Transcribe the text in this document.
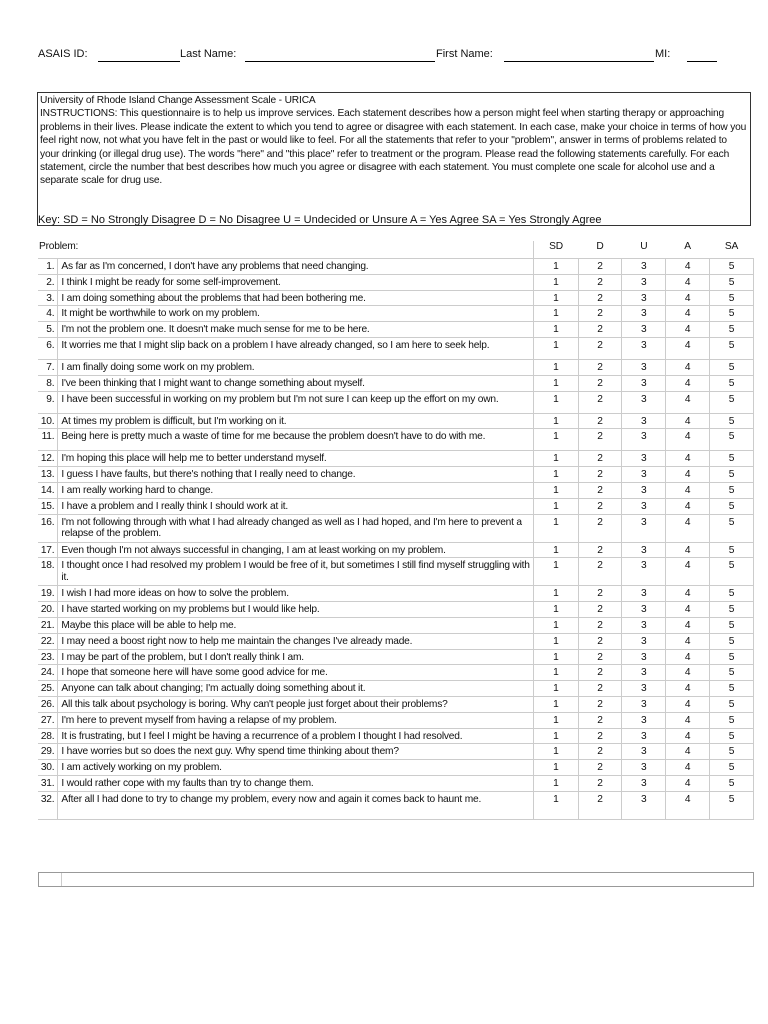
ASAIS ID:	Last Name:	First Name:	MI:

University of Rhode Island Change Assessment Scale - URICA

INSTRUCTIONS: This questionnaire is to help us improve services. Each statement describes how a person might feel when starting therapy or approaching problems in their lives. Please indicate the extent to which you tend to agree or disagree with each statement. In each case, make your choice in terms of how you feel right now, not what you have felt in the past or would like to feel. For all the statements that refer to your "problem", answer in terms of problems related to your drinking (or illegal drug use). The words "here" and "this place" refer to treatment or the program. Please read the following statements carefully. For each statement, circle the number that best describes how much you agree or disagree with each statement. You must complete one scale for alcohol use and a separate scale for drug use.

Key: SD = No Strongly Disagree D = No Disagree U = Undecided or Unsure A = Yes Agree SA = Yes Strongly Agree
Problem:		SD	D	U	A	SA
1.	As far as I'm concerned, I don't have any problems that need changing.	1	2	3	4	5
2.	I think I might be ready for some self-improvement.	1	2	3	4	5
3.	I am doing something about the problems that had been bothering me.	1	2	3	4	5
4.	It might be worthwhile to work on my problem.	1	2	3	4	5
5.	I'm not the problem one. It doesn't make much sense for me to be here.	1	2	3	4	5
6.	It worries me that I might slip back on a problem I have already changed, so I am here to seek help.	1	2	3	4	5
7.	I am finally doing some work on my problem.	1	2	3	4	5
8.	I've been thinking that I might want to change something about myself.	1	2	3	4	5
9.	I have been successful in working on my problem but I'm not sure I can keep up the effort on my own.	1	2	3	4	5
10.	At times my problem is difficult, but I'm working on it.	1	2	3	4	5
11.	Being here is pretty much a waste of time for me because the problem doesn't have to do with me.	1	2	3	4	5
12.	I'm hoping this place will help me to better understand myself.	1	2	3	4	5
13.	I guess I have faults, but there's nothing that I really need to change.	1	2	3	4	5
14.	I am really working hard to change.	1	2	3	4	5
15.	I have a problem and I really think I should work at it.	1	2	3	4	5
16.	I'm not following through with what I had already changed as well as I had hoped, and I'm here to prevent a relapse of the problem.	1	2	3	4	5
17.	Even though I'm not always successful in changing, I am at least working on my problem.	1	2	3	4	5
18.	I thought once I had resolved my problem I would be free of it, but sometimes I still find myself struggling with it.	1	2	3	4	5
19.	I wish I had more ideas on how to solve the problem.	1	2	3	4	5
20.	I have started working on my problems but I would like help.	1	2	3	4	5
21.	Maybe this place will be able to help me.	1	2	3	4	5
22.	I may need a boost right now to help me maintain the changes I've already made.	1	2	3	4	5
23.	I may be part of the problem, but I don't really think I am.	1	2	3	4	5
24.	I hope that someone here will have some good advice for me.	1	2	3	4	5
25.	Anyone can talk about changing; I'm actually doing something about it.	1	2	3	4	5
26.	All this talk about psychology is boring. Why can't people just forget about their problems?	1	2	3	4	5
27.	I'm here to prevent myself from having a relapse of my problem.	1	2	3	4	5
28.	It is frustrating, but I feel I might be having a recurrence of a problem I thought I had resolved.	1	2	3	4	5
29.	I have worries but so does the next guy. Why spend time thinking about them?	1	2	3	4	5
30.	I am actively working on my problem.	1	2	3	4	5
31.	I would rather cope with my faults than try to change them.	1	2	3	4	5
32.	After all I had done to try to change my problem, every now and again it comes back to haunt me.	1	2	3	4	5
